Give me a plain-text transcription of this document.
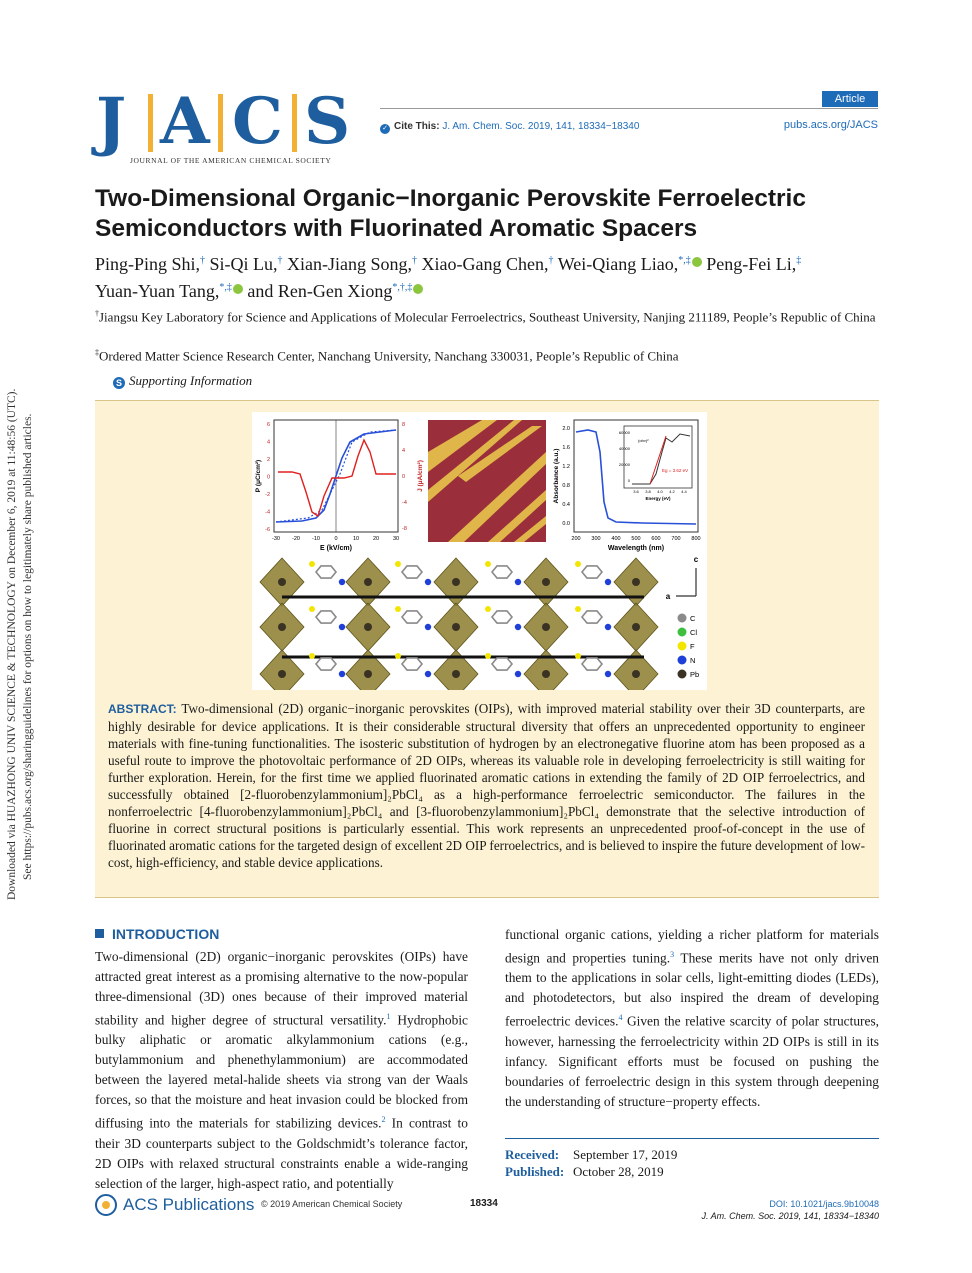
Downloaded via HUAZHONG UNIV SCIENCE & TECHNOLOGY on December 6, 2019 at 11:48:56 (UTC). See https://pubs.acs.org/sharingguidelines for options on how to legitimately share published articles.
J A C S
JOURNAL OF THE AMERICAN CHEMICAL SOCIETY
Article
✓ Cite This: J. Am. Chem. Soc. 2019, 141, 18334−18340	pubs.acs.org/JACS
Two-Dimensional Organic−Inorganic Perovskite Ferroelectric Semiconductors with Fluorinated Aromatic Spacers
Ping-Ping Shi,† Si-Qi Lu,† Xian-Jiang Song,† Xiao-Gang Chen,† Wei-Qiang Liao,*,‡ Peng-Fei Li,‡
Yuan-Yuan Tang,*,‡ and Ren-Gen Xiong*,†,‡
†Jiangsu Key Laboratory for Science and Applications of Molecular Ferroelectrics, Southeast University, Nanjing 211189, People’s Republic of China
‡Ordered Matter Science Research Center, Nanchang University, Nanchang 330031, People’s Republic of China
S Supporting Information
E (kV/cm)
P (μC/cm²)	J (μA/cm²)
-30 -20 -10	0	10	20	30
6
4
2
0
-2
-4
-6
8
4
0
-4
-8
Eg = 3.62 eV
Energy (eV)
(αhν)²
3.6 3.8 4.0 4.2 4.4
60000
40000
20000
0
Wavelength (nm)
Absorbance (a.u.)
200 300 400 500 600 700 800
2.0
1.6
1.2
0.8
0.4
0.0
c
a
C
Cl
F
N
Pb
ABSTRACT: Two-dimensional (2D) organic−inorganic perovskites (OIPs), with improved material stability over their 3D counterparts, are highly desirable for device applications. It is their considerable structural diversity that offers an unprecedented opportunity to engineer materials with fine-tuning functionalities. The isosteric substitution of hydrogen by an electronegative fluorine atom has been proposed as a useful route to improve the photovoltaic performance of 2D OIPs, whereas its valuable role in developing ferroelectricity is still waiting for further exploration. Herein, for the first time we applied fluorinated aromatic cations in extending the family of 2D OIP ferroelectrics, and successfully obtained [2-fluorobenzylammonium]₂PbCl₄ as a high-performance ferroelectric semiconductor. The failures in the nonferroelectric [4-fluorobenzylammonium]₂PbCl₄ and [3-fluorobenzylammonium]₂PbCl₄ demonstrate that the selective introduction of fluorine in correct structural positions is particularly essential. This work represents an unprecedented proof-of-concept in the use of fluorinated aromatic cations for the targeted design of excellent 2D OIP ferroelectrics, and is believed to inspire the future development of low-cost, high-efficiency, and stable device applications.
INTRODUCTION
Two-dimensional (2D) organic−inorganic perovskites (OIPs) have attracted great interest as a promising alternative to the now-popular three-dimensional (3D) ones because of their improved material stability and higher degree of structural versatility.$^1$ Hydrophobic bulky aliphatic or aromatic alkylammonium cations (e.g., butylammonium and phenethylammonium) are accommodated between the layered metal-halide sheets via strong van der Waals forces, so that the moisture and heat invasion could be blocked from diffusing into the materials for stabilizing devices.$^2$ In contrast to their 3D counterparts subject to the Goldschmidt’s tolerance factor, 2D OIPs with relaxed structural constraints enable a wide-ranging selection of the larger, high-aspect ratio, and potentially
functional organic cations, yielding a richer platform for materials design and properties tuning.$^3$ These merits have not only driven them to the applications in solar cells, light-emitting diodes (LEDs), and photodetectors, but also inspired the dream of developing ferroelectric devices.$^4$ Given the relative scarcity of polar structures, however, harnessing the ferroelectricity within 2D OIPs is still in its infancy. Significant efforts must be focused on pushing the boundaries of ferroelectric design in this system through deepening the understanding of structure−property effects.
Received: September 17, 2019
Published: October 28, 2019
ACS Publications © 2019 American Chemical Society	18334	DOI: 10.1021/jacs.9b10048
J. Am. Chem. Soc. 2019, 141, 18334−18340
